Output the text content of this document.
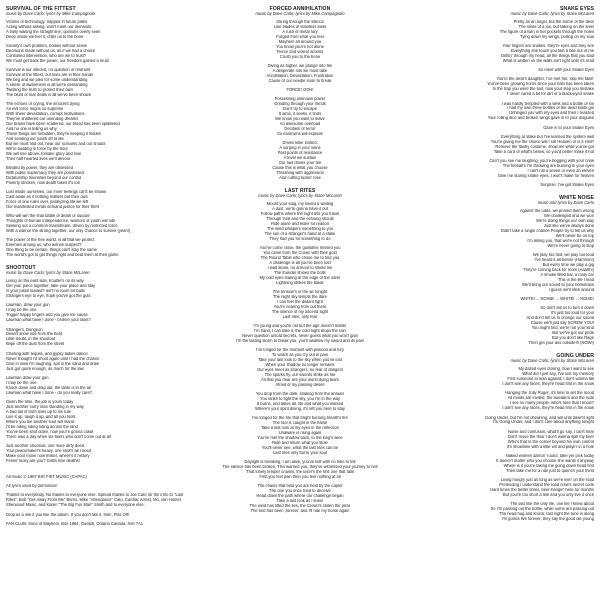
SURVIVAL OF THE FITTEST
music by Dave Carlo; lyrics by Mike Campagnolo
Victims of technology, trapped in future plans
Acting without asking, won't meet our demands
A bully waiting the straight line, opinions overly seen
Deep inside we feel it, chills us to the bone
Society's own problem, bodies without sense
Decisions made without us, as if we had a choice
Controlled intervention, who are we to trust?
We must get back the power, our freedom gained a must
Survival is our interest, no question of restraint
Survival of the fittest, our lives are in their hands
We beg and we plea for some understanding
A sense of awareness is all we're demanding
Twisting the truth to protect their own
The blunt of rear deals is all we've been shown
The echoes of crying, the innocent dying
An evil force reigns so supreme
With sheer devastation, corrupt motivations
They've shattered our unending dreams
Our brains have been scattered, our blood has been splattered
And no one is telling us why
These things are forbidden, they're keeping it hidden
And sending our youth off to die
But we must find out, hear our screams and our shouts
We're building in force by the hour
We will rise above, forsake glory and love
Their half-hearted lives we'll devour
Blinded by power, they are obsessed
With public supremacy they are possessed
Dictatorship flourishes beyond our control
Poverty stricken, now death takes it's toll
Lost inside ourselves, our inner feelings can't be shown
Cast aside as if nothing matters but their own
Force of one rules over, paralyzing life we left
Our manifested minds demand justice for their theft
Who will win the final battle of death or suicide
Thoughts of human independence, warriors of youth will ride
Seeking out a common mainstream, driven by restricted force
With a warrior the strong together, our only chance to survive (yeah!)
The power of the free world, is all that we protect
Enemies among us, who will we suspect?
One thing to be certain, things can't stay the same
The world's got to get things right and beat them at their game
SHOOTOUT
music by Dave Carlo; lyrics by Stace McLaren
Living on the east side, trouble's on its way
Get your piece together, take your place and stay
Is your pistol loaded? ain't no room for bulls
Strangers eye to eye, hope you've got the guts
Lawman, draw your gun
I may be the one
Trigger happy fingers and you give me cause
Lawman what have I done - broken your laws?
Strangers, Dungeon
Desert snow ride from the heat
Little doubt, in the shootout
Wipe off the dust from the street
Chasing with tequila, and gypsy ladies dance
Never thought I'd shoot again until I had the chance
Give in slow I'm laughing, spit in the sand and draw
Just got quick enough, as much for the law
Lawman draw your gun
I may be the one
Knock down and drag out, the taste is in the air
Lawman what have I done - do you really care?
Given the time, the job is yours today
Just another sorry man standing in my way
A bad tail of truth lines up to his rule
Live it up, laugh it up, and all you fools
Where you die another soul will stand
I'll be riding riding riding across the land
You've been shot down, now you're gonna crawl
There was a day when six-fixers who don't come out at all
Just another shootout, one more dirty deed
Your peacemaker's heavy, one shot's all I need
Make your move now mister, where's it history
Feelin' lucky are you? Gotta love deaths!
All music © 1987 BIG FIST MUSIC (CAPAC)
All lyrics used by permission
Thanks to everybody. No thanks to everyone else. Special thanks to Joe Cato for the intro to "Last Rites", Bob "Get Away From Me" Berns, Mike "Attendance" Cato, Cardiac Arrest, Mo, Iain Hunter, Sherwood Music, and Karen "The Big Fun Man" Smith and to everyone else.
Drop us a line if you like the album. If you don't like it, then, Piss Off!
FAN CLUB: Sons of Mayhem, Box 1984, Guelph, Ontario Canada, NIH 7A1
FORCED ANNIHILATION
music by Dave Carlo; lyrics by Mike Campagnolo
Slicing through the silence
Like blades of stainless steel
A rush of metal fury
Forged from what you feel
Mayhem all around you
You know you're not alone
Fierce and violent actions
Crush you to the bone
Diving as higher, we plunge into fire
A desperate risk we must take
Annihilation, Devastation, Frustration
Cause of our needle soon to break
FORCE! OOH!
Possessing unknown power
Grinding through your minds
Don't try to escape
It aims, it seeks, it finds
We know you want to leave
An awesome overload
Decibels of terror
So eardrums will explode
Drives killer instinct
A surging in your veins
Past points of resistance
A level we sustain
Our fuel drives your fire
Cause this is what you choose
Thrashing with aggression
And cutting fuckin' lose
LAST RITES
music by Dave Carlo; lyrics by Stace McLaren
Mount your stag, my sword a waiting
A dust, we're gonna have it out
Follow paths where the night lets you travel
Through frost and the echoing shouts
Ride alone and listen for reason
The wind whispers something to you
The son of a stranger's hand at a stake
They had you for something to do
You've come close, the guillotine missed you
You came from the Crown with their gold
The Round Table who chose me to find you
A challenge is all you've been told
I wait alone, no armour to shield me
The thunder shines the bolts
My cold eyes staring at the edge of the silver
Lightning strikes the blade
The tension's in the air tonight
The night sky tempts the dare
I can feel the distant fight
You're nearing from out there
The silence of my ascend sight
Last rites, only fear
I'm young and you're old but the age doesn't matter
I'm hand, I can take it, the cold night drops the rain
Never question untold secrets, never guess what you won't gain
I'm the lasting storm to break you, you'll swallow my sword and its pain
I've longed for the moment with passion and fury
To watch as you cry out in pain
Take your last look to the sky when you've lost
When your shadow no longer remains
Our eyes meet as strangers, no fear of dangers
The sparks fly, our swords strike as fire
All that you hear are your worst dying tears
Afraid of my passing desire
You drop from the dark, shaking from the answer
You strike to fight the sky, you I'm in the way
It burns, and takes all, life and what you wanted
Where's your spirit dining, it's left you here to stay
I've longed for the fire that bright burning breath's fire
The fool is caught in the flame
Take a last look at my eyes in the reflection
Unaware is rising again
You've met the shadow back, to the king's wine
Ride and return what you stole
You'll never see, what the last rites can be
Last rites only fail to your soul
Daylight is breaking, I am alive, you've lost with no time to tell
The silence has been broken, This warned you, they've witnessed your journey to hell
That lonely temper crowns, the loser's the first one that falls
First you feel pain then you feel nothing at all
The chains that bind you are held by the captor
The one you once tried to deceive
Head down the path where our challenge began
Take a last look as I leave
The wind has lifted the lies, the Crown's stolen the prize
The lord has been ,forever, and I'll ride my horse again
SNAKE EYES
music by Dave Carlo; lyrics by Stace McLaren
Pretty as an angel, but the borne of the devil
The smile of a fox, but talking on the level
The figure of a twin in her pockets through the holes
Tying down my wings, pulling on my soul
Your fingers are snakes, they're eyes and they see
Everything she touch you tale a bite out of me
Driftin' through my head, all the things that you said
What is written on the walls ain't right until it's read
So meet with your Snake Eyes
You're the devil's daughter, I've met her, skip the failin'
You've been growing horns since your halo has been taken
In the trap you were the fool, now your step you mistake
I never cared a bit for dirt or a black-eyed snake
I was hardly tempted with a wink and a bottle of sin
I had my own three bottles of the dead kinds gin
Unhinged you with my eyes and then I realized
Your rolling dice and broken wings gave in to your disguise
Gave in to your Snake Eyes
Everything at stake but I've learned the system well
You're giving me the choice will I roll Heaven or is it Hell?
Remove the flashy costume, show me what you've got
Take a card of what's below, so you'd better make it hot
Can't you see me laughing, you're begging with your crew
The fireball's I'm throwing are burning in your eyes
I can't roll a seven or even an eleven
Give me staring snake eyes, I won't make for heaven
Surprise: I've got Snake Eyes
WHITE NOISE
music and lyrics by Dave Carlo
Against the odds, we proved them wrong
We challenged and we won
We're doing things our own way
Just like we've always done
Didn't take a single chance People try to tell us why
We'll never be on top
I'm telling you, that we're not through
We're never going to stop
We play too fast, we play too loud
I've heard it all before (Harrison!)
But every time we play a gig
They're coming back for more (Aaahh!)
A smoke filled bar, a rusty car
This is the life I lead
We'll bring our sound to your hometown
I guess we'll stick around
WHITE! ... NOISE! ... WHITE! ... NOISE!
So don't tell us to turn it down
It's just too loud for you!
And don't tell us to change our sound
Cause we'll just say SCREW YOU!
You might find, we're not your kind
But we've got our pride
But you don't like Rage
Then get your ass outside!!! (NOW!)
GOING UNDER
music by Dave Carlo; lyrics by Stace McLaren
My dazed eyes closing, how I want to see
What did I just say, I've lost my memory
First someone to lean against, I don't wanna fall
I don't see any faces, they're head first in the snow
Hanging the Jolly Roger, it's time to set the mood
All minds are invited, the sweaters and the rude
I see so many people, who's here that I know?
I don't see any faces, they're head first in the snow
Going Under, but I'm not drowning, and will until dawn's light
I'm Going Under, and I don't care about anything tonight
Noise and confusion, what'll go say, I can't hear
Don't move the floor I don't wanna spill my beer
Who's that in the corner beyond his own control
It's showtime with a little wit and playin' in a hole
Naked women dancin' round, take yer pick today
It doesn't matter who you choose she wants it anyway
Where is it you're taking me going down head first
Then take me for a ride just to quench your thirst
Living hungry just as long as we're livin' on the road
Pretending I understand the road crew's secret code
Hard times the better times, beer-hangin' here for months
But you're too short a line and you only live it once
The last line the only life, one life I knew about
So I'm passing out the bottle, while some are passing out
The head hug and knock, last night the tune is along
I'm gonna live forever, they say the good die young
